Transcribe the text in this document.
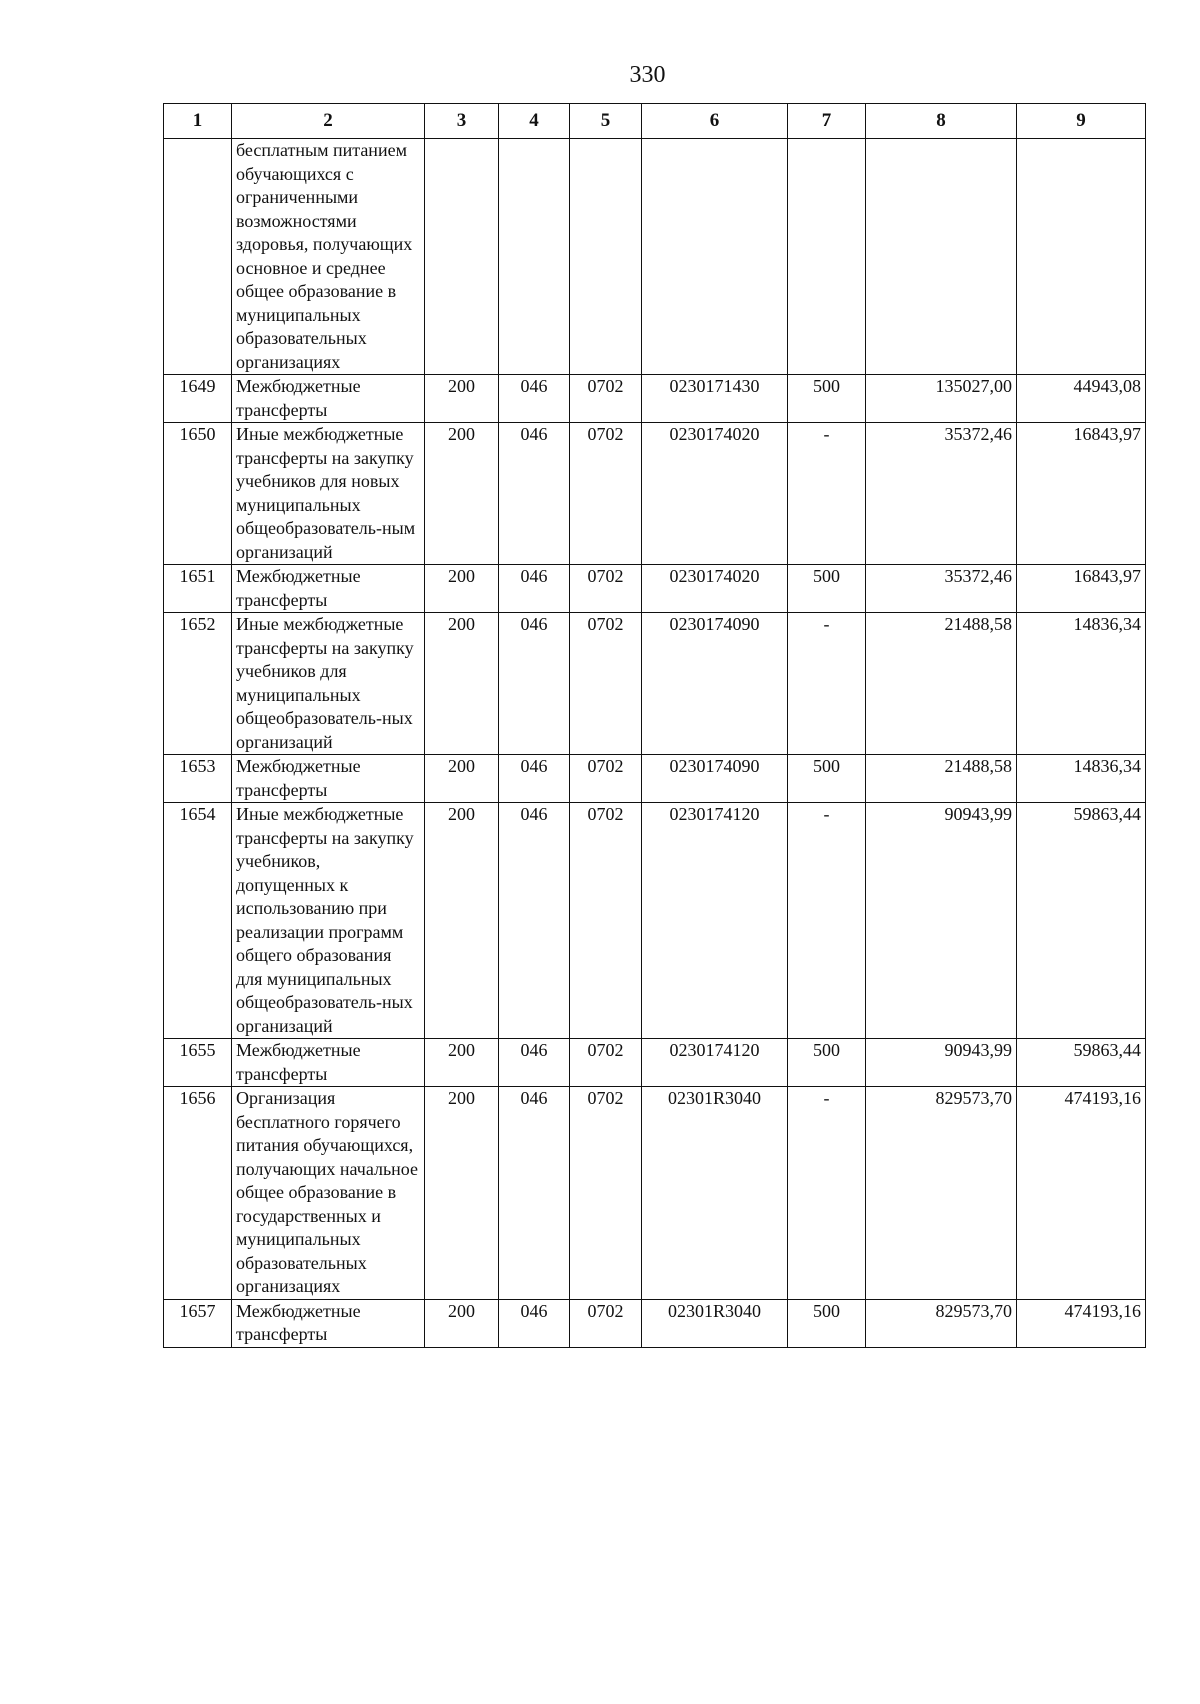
330
1	2	3	4	5	6	7	8	9
	бесплатным питанием обучающихся с ограниченными возможностями здоровья, получающих основное и среднее общее образование в муниципальных образовательных организациях							
1649	Межбюджетные трансферты	200	046	0702	0230171430	500	135027,00	44943,08
1650	Иные межбюджетные трансферты на закупку учебников для новых муниципальных общеобразователь-ным организаций	200	046	0702	0230174020	-	35372,46	16843,97
1651	Межбюджетные трансферты	200	046	0702	0230174020	500	35372,46	16843,97
1652	Иные межбюджетные трансферты на закупку учебников для муниципальных общеобразователь-ных организаций	200	046	0702	0230174090	-	21488,58	14836,34
1653	Межбюджетные трансферты	200	046	0702	0230174090	500	21488,58	14836,34
1654	Иные межбюджетные трансферты на закупку учебников, допущенных к использованию при реализации программ общего образования для муниципальных общеобразователь-ных организаций	200	046	0702	0230174120	-	90943,99	59863,44
1655	Межбюджетные трансферты	200	046	0702	0230174120	500	90943,99	59863,44
1656	Организация бесплатного горячего питания обучающихся, получающих начальное общее образование в государственных и муниципальных образовательных организациях	200	046	0702	02301R3040	-	829573,70	474193,16
1657	Межбюджетные трансферты	200	046	0702	02301R3040	500	829573,70	474193,16
